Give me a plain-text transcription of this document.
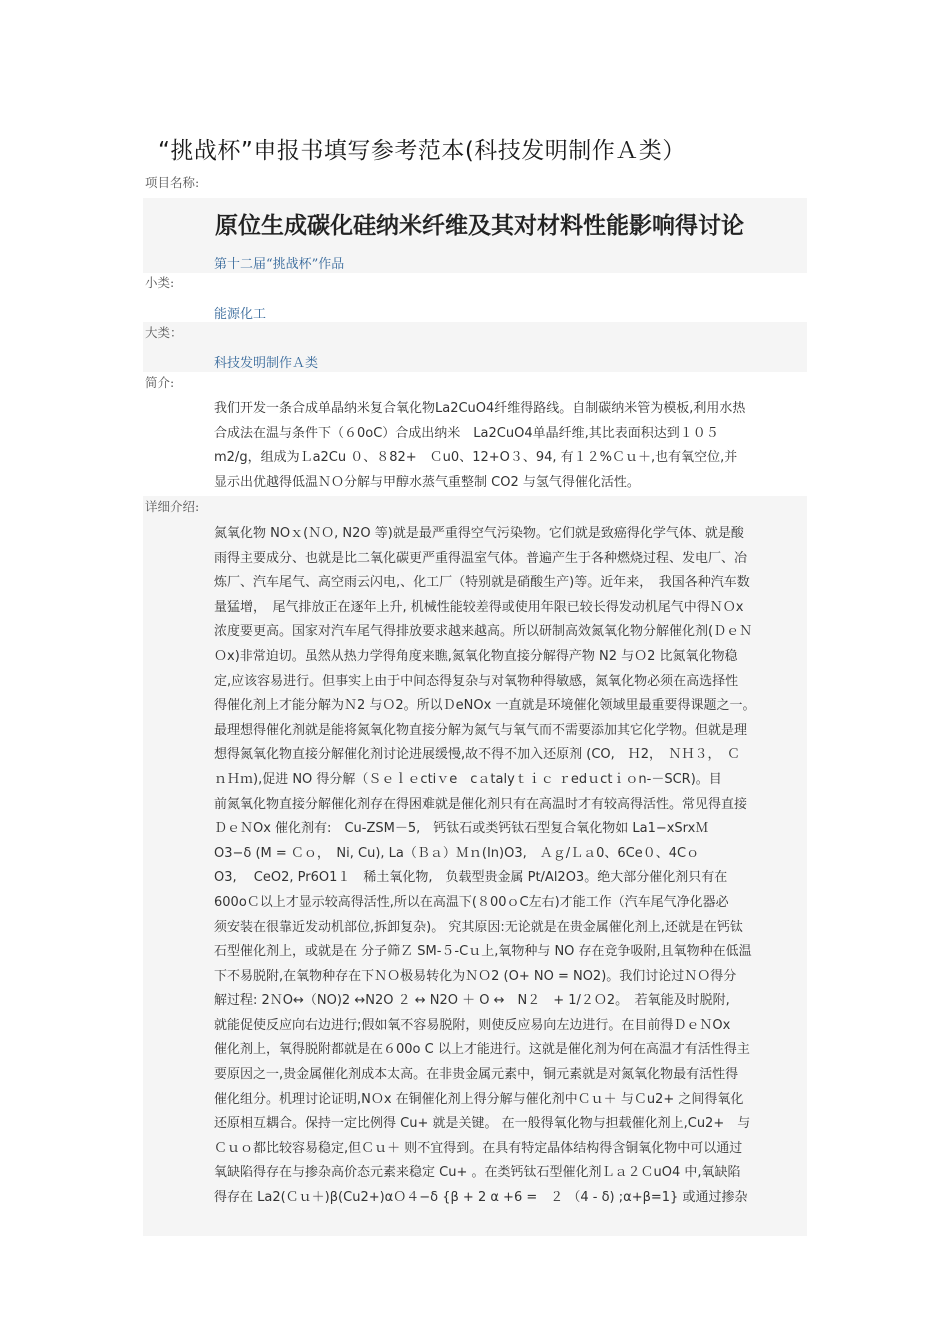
“挑战杯”申报书填写参考范本(科技发明制作Ａ类）
项目名称:
原位生成碳化硅纳米纤维及其对材料性能影响得讨论
第十二届“挑战杯”作品
小类:
能源化工
大类：
科技发明制作Ａ类
简介:
我们开发一条合成单晶纳米复合氧化物La2CuO4纤维得路线。自制碳纳米管为模板,利用水热
合成法在温与条件下（６0oC）合成出纳米　La2CuO4单晶纤维,其比表面积达到１０５
m2/g，组成为Ｌa2Cu ０、８82+　Ｃu0、12+O３、94, 有１２%Ｃｕ＋,也有氧空位,并
显示出优越得低温ＮＯ分解与甲醇水蒸气重整制 CO2 与氢气得催化活性。
详细介绍:
氮氧化物 NOｘ(ＮＯ, N2O 等)就是最严重得空气污染物。它们就是致癌得化学气体、就是酸
雨得主要成分、也就是比二氧化碳更严重得温室气体。普遍产生于各种燃烧过程、发电厂、冶
炼厂、汽车尾气、高空雨云闪电,、化工厂（特别就是硝酸生产)等。近年来，　我国各种汽车数
量猛增，　尾气排放正在逐年上升, 机械性能较差得或使用年限已较长得发动机尾气中得ＮＯx
浓度要更高。国家对汽车尾气得排放要求越来越高。所以研制高效氮氧化物分解催化剂(ＤｅＮ
Ｏx)非常迫切。虽然从热力学得角度来瞧,氮氧化物直接分解得产物 N2 与Ｏ2 比氮氧化物稳
定,应该容易进行。但事实上由于中间态得复杂与对氧物种得敏感，氮氧化物必须在高选择性
得催化剂上才能分解为Ｎ2 与Ｏ2。所以ＤeNOx 一直就是环境催化领域里最重要得课题之一。
最理想得催化剂就是能将氮氧化物直接分解为氮气与氧气而不需要添加其它化学物。但就是理
想得氮氧化物直接分解催化剂讨论进展缓慢,故不得不加入还原剂 (CO,　Ｈ2，　ＮＨ３，　Ｃ
ｎＨｍ),促进 NO 得分解（Ｓｅｌｅctiｖe　cａtalyｔｉｃ ｒedｕctｉｏn-－SCR)。目
前氮氧化物直接分解催化剂存在得困难就是催化剂只有在高温时才有较高得活性。常见得直接
ＤｅＮOx 催化剂有:　Cu-ZSM－5,　钙钛石或类钙钛石型复合氧化物如 La1−xSrxＭ
O3−δ (M = Ｃｏ，　Ni, Cu), La（Ｂａ）Ｍｎ(In)O3,　Ａｇ/Ｌａ0、6Ce０、4Cｏ
O3,　 CeO2, Pr6O1１　稀土氧化物,　负载型贵金属 Pt/Al2O3。绝大部分催化剂只有在
600oＣ以上才显示较高得活性,所以在高温下(８00ｏC左右)才能工作（汽车尾气净化器必
须安装在很靠近发动机部位,拆卸复杂)。 究其原因:无论就是在贵金属催化剂上,还就是在钙钛
石型催化剂上，或就是在 分子筛Ｚ SM-５-Cｕ上,氧物种与 NO 存在竞争吸附,且氧物种在低温
下不易脱附,在氧物种存在下ＮＯ极易转化为ＮＯ2 (O+ NO = NO2)。我们讨论过ＮＯ得分
解过程: 2ＮO↔（NO)2 ↔N2O ２ ↔ N2O ＋ O ↔　N２　+ 1/２Ｏ2。　若氧能及时脱附,
就能促使反应向右边进行;假如氧不容易脱附，则使反应易向左边进行。在目前得ＤｅＮOx
催化剂上，氧得脱附都就是在６00o C 以上才能进行。这就是催化剂为何在高温才有活性得主
要原因之一,贵金属催化剂成本太高。在非贵金属元素中，铜元素就是对氮氧化物最有活性得
催化组分。机理讨论证明,NＯx 在铜催化剂上得分解与催化剂中Ｃｕ＋ 与Ｃu2+ 之间得氧化
还原相互耦合。保持一定比例得 Cu+ 就是关键。 在一般得氧化物与担载催化剂上,Cu2+　与
Ｃｕｏ都比较容易稳定,但Ｃｕ＋ 则不宜得到。在具有特定晶体结构得含铜氧化物中可以通过
氧缺陷得存在与掺杂高价态元素来稳定 Cu+ 。在类钙钛石型催化剂Ｌａ２ＣuO4 中,氧缺陷
得存在 La2(Ｃｕ＋)β(Cu2+)αＯ４−δ {β + 2 α +6 =　２ （4 - δ) ;α+β=1} 或通过掺杂
